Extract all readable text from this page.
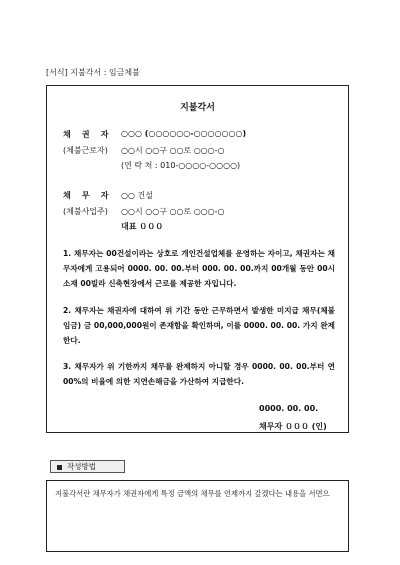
[서식] 지불각서 : 임금체불
지불각서
채    권    자 ○○○ (○○○○○○-○○○○○○○)
(체불근로자) ○○시 ○○구 ○○로 ○○○-○
(연 락 처 : 010-○○○○-○○○○)
채    무    자 ○○ 건설
(체불사업주) ○○시 ○○구 ○○로 ○○○-○
대표 ０００

1. 채무자는 00건설이라는 상호로 개인건설업체를 운영하는 자이고, 채권자는 채무자에게 고용되어 0000. 00. 00.부터 000. 00. 00.까지 00개월 동안 00시 소재 00빌라 신축현장에서 근로를 제공한 자입니다.

2. 채무자는 채권자에 대하여 위 기간 동안 근무하면서 발생한 미지급 채무(체불임금) 금 00,000,000원이 존재함을 확인하며, 이를 0000. 00. 00. 가지 완제한다.

3. 채무자가 위 기한까지 채무를 완제하지 아니할 경우 0000. 00. 00.부터 연 00%의 비율에 의한 지연손해금을 가산하여 지급한다.

0000. 00. 00.
채무자 ０００ (인)
작성방법
지불각서란 채무자가 채권자에게 특정 금액의 채무를 언제까지 갚겠다는 내용을 서면으
